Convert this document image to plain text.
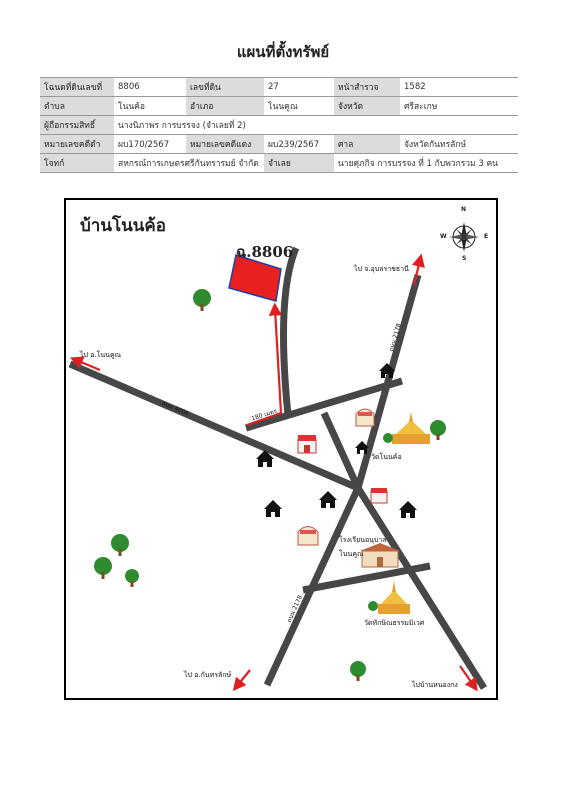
แผนที่ตั้งทรัพย์
โฉนดที่ดินเลขที่	8806	เลขที่ดิน	27	หน้าสำรวจ	1582
ตำบล	โนนค้อ	อำเภอ	โนนคูณ	จังหวัด	ศรีสะเกษ
ผู้ถือกรรมสิทธิ์	นางนิภาพร การบรรจง (จำเลยที่ 2)				
หมายเลขคดีดำ	ผบ170/2567	หมายเลขคดีแดง	ผบ239/2567	ศาล	จังหวัดกันทรลักษ์
โจทก์	สหกรณ์การเกษตรศรีกันทรารมย์ จำกัด		จำเลย	นายศุภกิจ การบรรจง ที่ 1 กับพวกรวม 3 คน	
บ้านโนนค้อ
ฉ.8806
N
S
W	E
ไป จ.อุบลราชธานี
ไป อ.โนนคูณ
ไป อ.กันทรลักษ์
ไปบ้านหนองกง
วัดโนนค้อ
โรงเรียนอนุบาล
โนนคูณ
วัดทักษิณธรรมมิเวศ
ถนน 4006
ถนน 2178
ถนน 2178
180 เมตร
